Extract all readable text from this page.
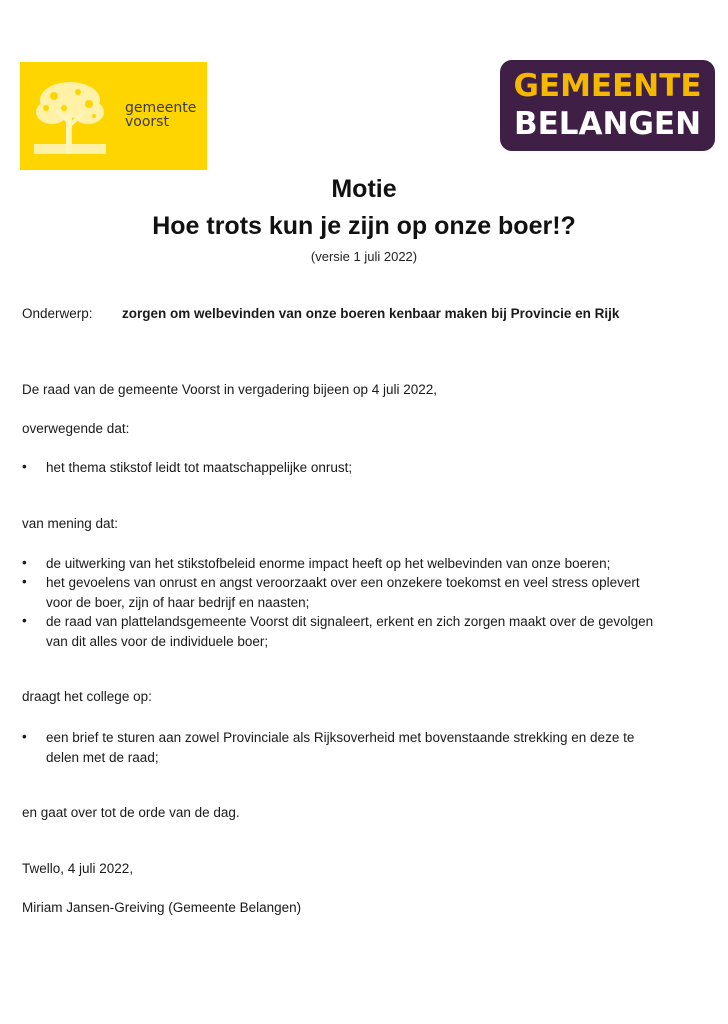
gemeente
voorst
GEMEENTE
BELANGEN
Motie
Hoe trots kun je zijn op onze boer!?
(versie 1 juli 2022)
Onderwerp: zorgen om welbevinden van onze boeren kenbaar maken bij Provincie en Rijk
De raad van de gemeente Voorst in vergadering bijeen op 4 juli 2022,
overwegende dat:
• het thema stikstof leidt tot maatschappelijke onrust;
van mening dat:
• de uitwerking van het stikstofbeleid enorme impact heeft op het welbevinden van onze boeren;
• het gevoelens van onrust en angst veroorzaakt over een onzekere toekomst en veel stress oplevert
voor de boer, zijn of haar bedrijf en naasten;
• de raad van plattelandsgemeente Voorst dit signaleert, erkent en zich zorgen maakt over de gevolgen
van dit alles voor de individuele boer;
draagt het college op:
• een brief te sturen aan zowel Provinciale als Rijksoverheid met bovenstaande strekking en deze te
delen met de raad;
en gaat over tot de orde van de dag.
Twello, 4 juli 2022,
Miriam Jansen-Greiving (Gemeente Belangen)
